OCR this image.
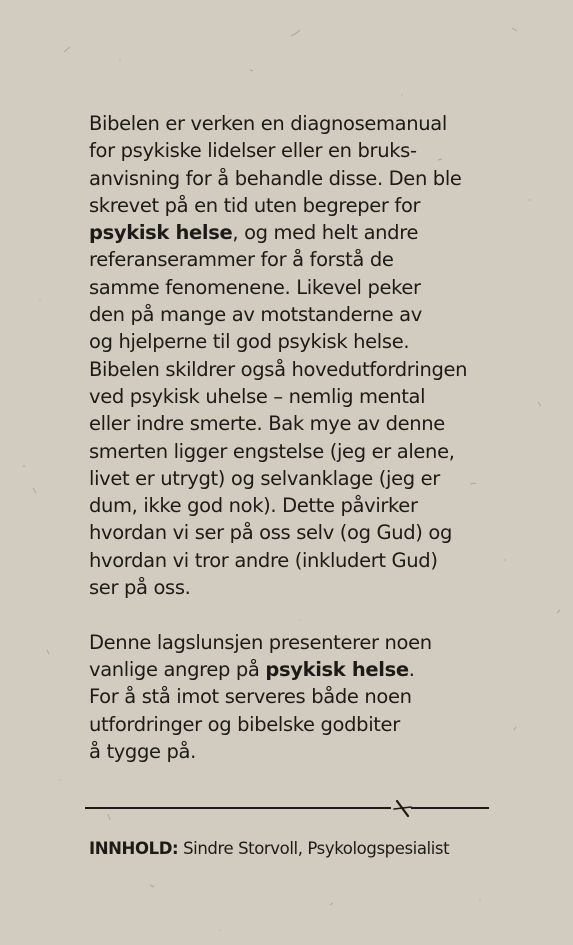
Bibelen er verken en diagnosemanual
for psykiske lidelser eller en bruks-
anvisning for å behandle disse. Den ble
skrevet på en tid uten begreper for
psykisk helse, og med helt andre
referanserammer for å forstå de
samme fenomenene. Likevel peker
den på mange av motstanderne av
og hjelperne til god psykisk helse.
Bibelen skildrer også hovedutfordringen
ved psykisk uhelse – nemlig mental
eller indre smerte. Bak mye av denne
smerten ligger engstelse (jeg er alene,
livet er utrygt) og selvanklage (jeg er
dum, ikke god nok). Dette påvirker
hvordan vi ser på oss selv (og Gud) og
hvordan vi tror andre (inkludert Gud)
ser på oss.
Denne lagslunsjen presenterer noen
vanlige angrep på psykisk helse.
For å stå imot serveres både noen
utfordringer og bibelske godbiter
å tygge på.
INNHOLD: Sindre Storvoll, Psykologspesialist
